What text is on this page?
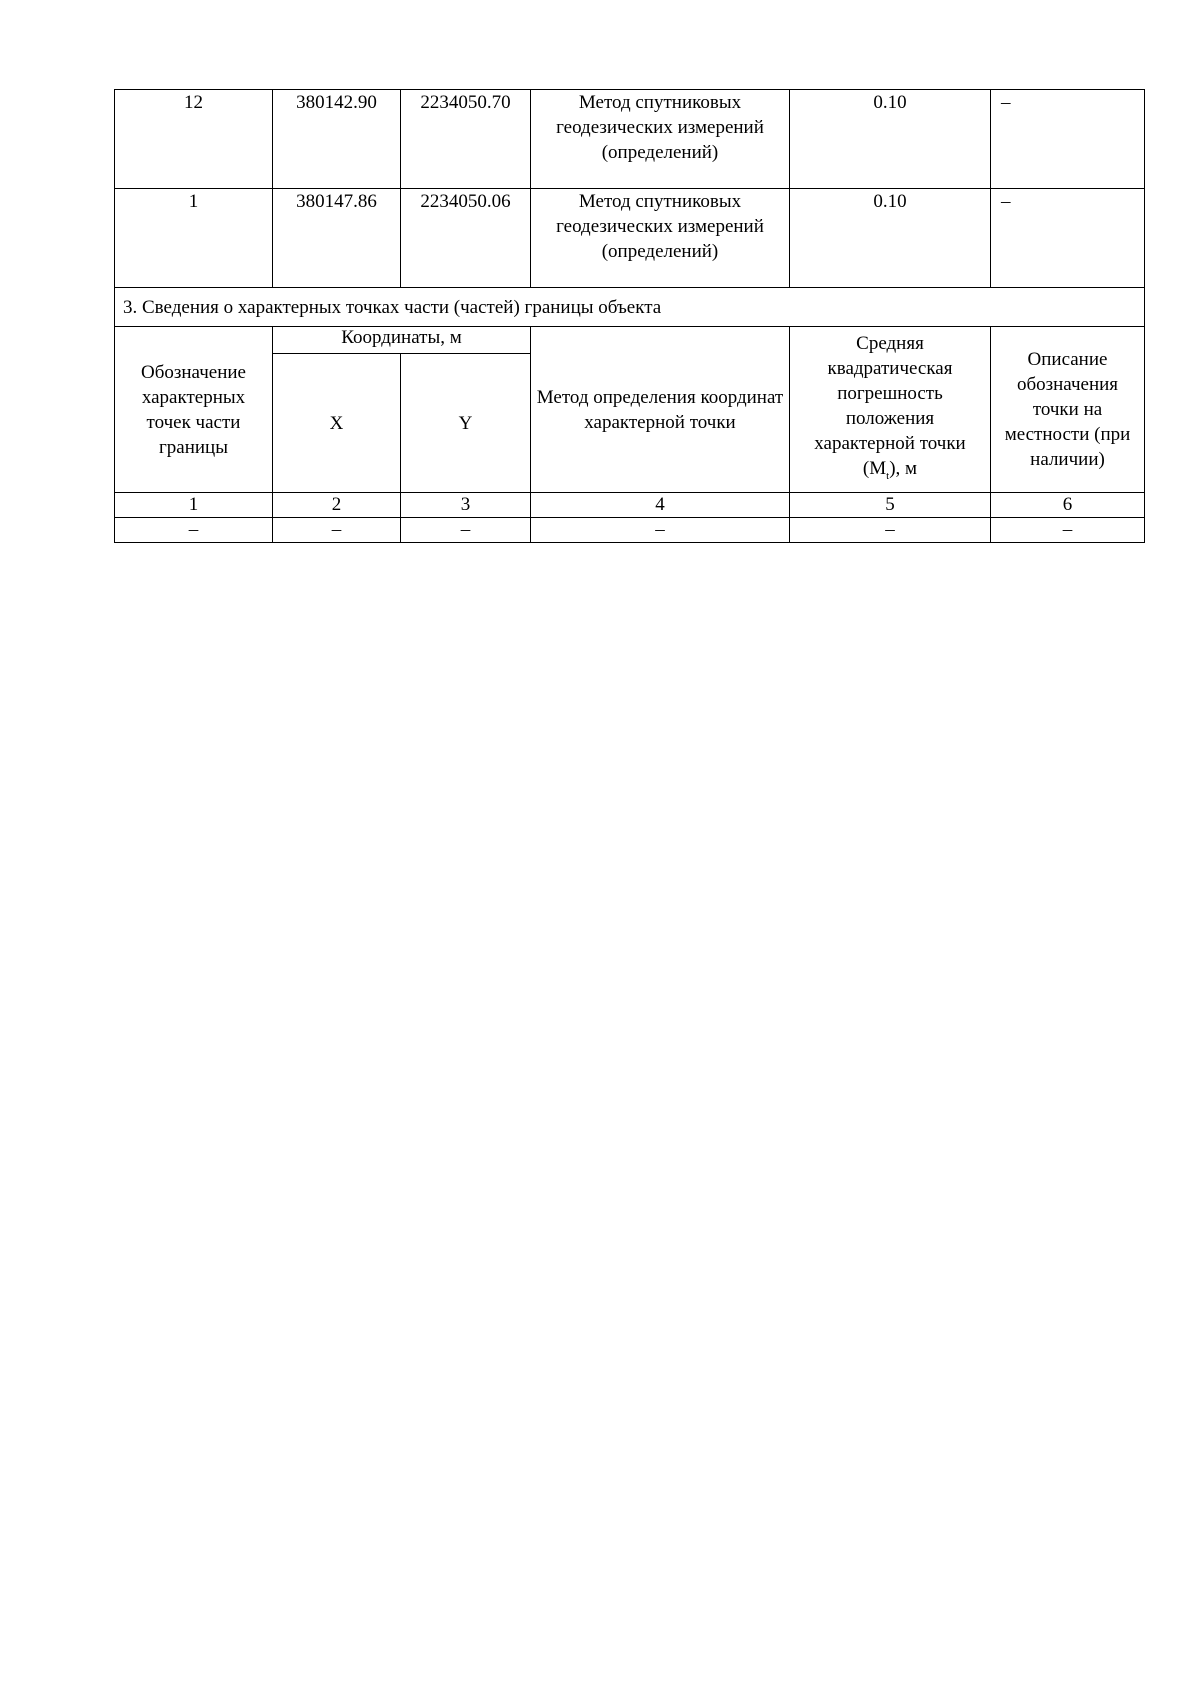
12	380142.90	2234050.70	Метод спутниковых геодезических измерений (определений)	0.10	–
1	380147.86	2234050.06	Метод спутниковых геодезических измерений (определений)	0.10	–
3. Сведения о характерных точках части (частей) границы объекта					
Обозначение характерных точек части границы	Координаты, м		Метод определения координат характерной точки	Средняя квадратическая погрешность положения характерной точки $(M_t)$, м	Описание обозначения точки на местности (при наличии)
	X	Y			
1	2	3	4	5	6
–	–	–	–	–	–
